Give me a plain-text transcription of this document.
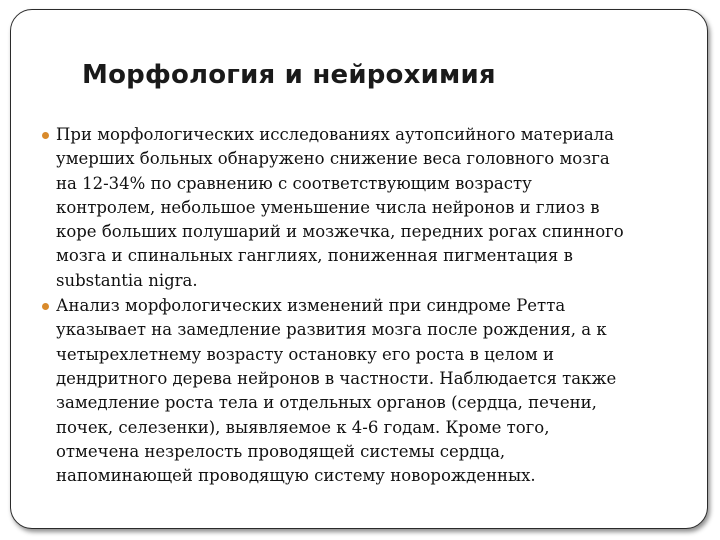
Морфология и нейрохимия
При морфологических исследованиях аутопсийного материала
умерших больных обнаружено снижение веса головного мозга
на 12-34% по сравнению с соответствующим возрасту
контролем, небольшое уменьшение числа нейронов и глиоз в
коре больших полушарий и мозжечка, передних рогах спинного
мозга и спинальных ганглиях, пониженная пигментация в
substantia nigra.
Анализ морфологических изменений при синдроме Ретта
указывает на замедление развития мозга после рождения, а к
четырехлетнему возрасту остановку его роста в целом и
дендритного дерева нейронов в частности. Наблюдается также
замедление роста тела и отдельных органов (сердца, печени,
почек, селезенки), выявляемое к 4-6 годам. Кроме того,
отмечена незрелость проводящей системы сердца,
напоминающей проводящую систему новорожденных.
